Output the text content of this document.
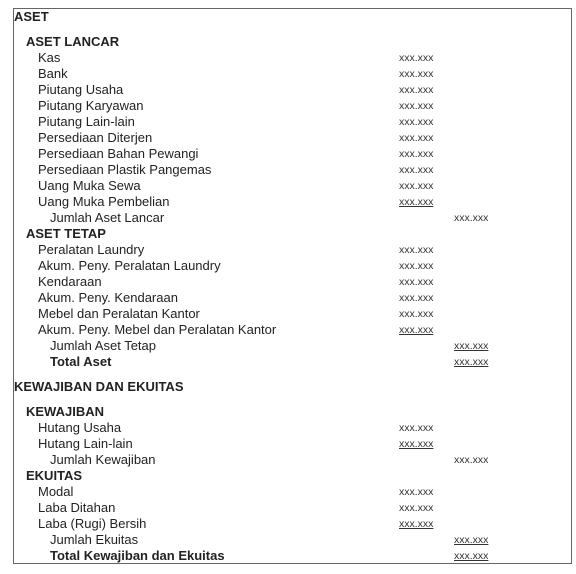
ASET
ASET LANCAR
Kas	xxx.xxx
Bank	xxx.xxx
Piutang Usaha	xxx.xxx
Piutang Karyawan	xxx.xxx
Piutang Lain-lain	xxx.xxx
Persediaan Diterjen	xxx.xxx
Persediaan Bahan Pewangi	xxx.xxx
Persediaan Plastik Pangemas	xxx.xxx
Uang Muka Sewa	xxx.xxx
Uang Muka Pembelian	xxx.xxx
Jumlah Aset Lancar	xxx.xxx
ASET TETAP
Peralatan Laundry	xxx.xxx
Akum. Peny. Peralatan Laundry	xxx.xxx
Kendaraan	xxx.xxx
Akum. Peny. Kendaraan	xxx.xxx
Mebel dan Peralatan Kantor	xxx.xxx
Akum. Peny. Mebel dan Peralatan Kantor	xxx.xxx
Jumlah Aset Tetap	xxx.xxx
Total Aset	xxx.xxx
KEWAJIBAN DAN EKUITAS
KEWAJIBAN
Hutang Usaha	xxx.xxx
Hutang Lain-lain	xxx.xxx
Jumlah Kewajiban	xxx.xxx
EKUITAS
Modal	xxx.xxx
Laba Ditahan	xxx.xxx
Laba (Rugi) Bersih	xxx.xxx
Jumlah Ekuitas	xxx.xxx
Total Kewajiban dan Ekuitas	xxx.xxx
